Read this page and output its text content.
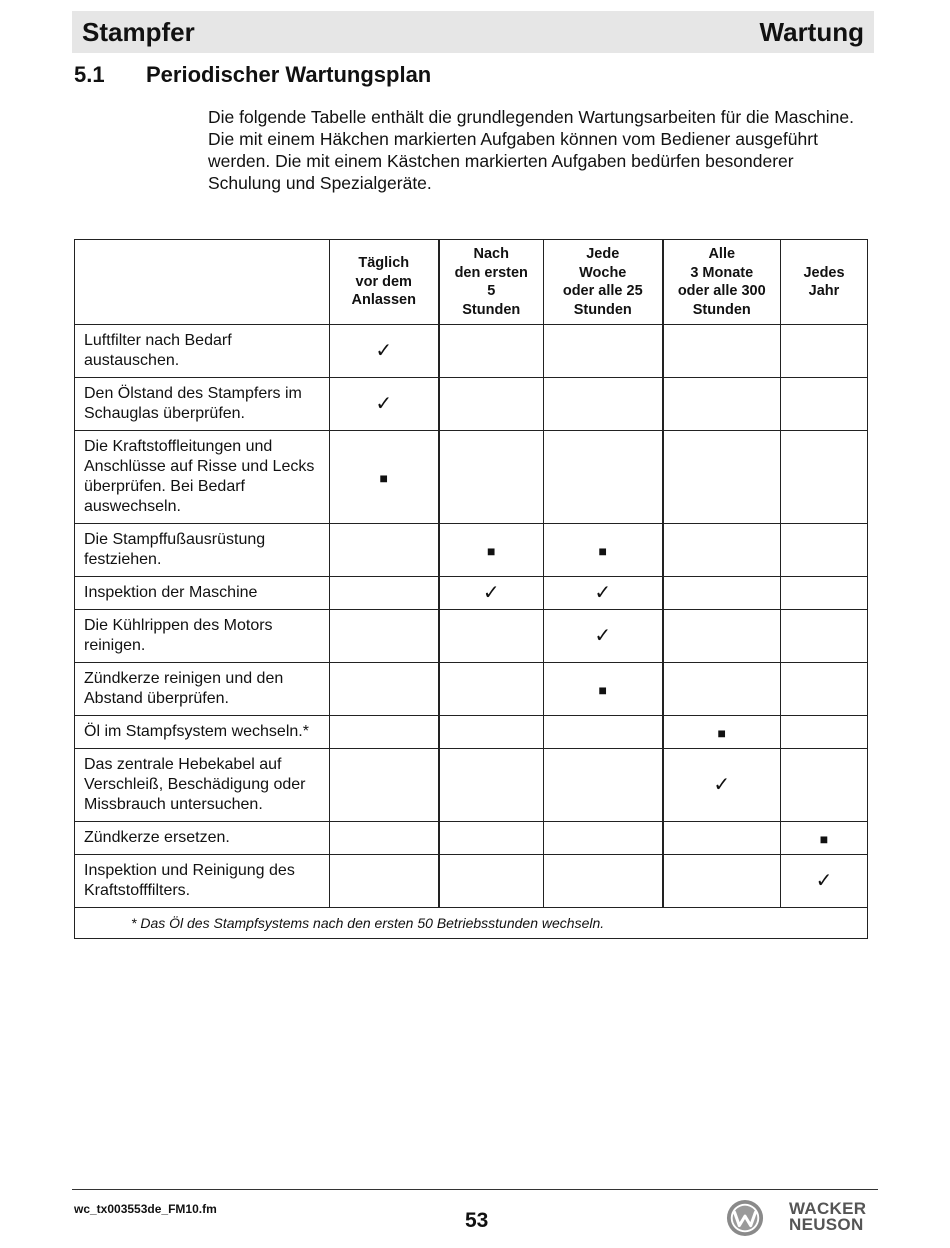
Stampfer	Wartung
5.1 Periodischer Wartungsplan

Die folgende Tabelle enthält die grundlegenden Wartungsarbeiten für die Maschine. Die mit einem Häkchen markierten Aufgaben können vom Bediener ausgeführt werden. Die mit einem Kästchen markierten Aufgaben bedürfen besonderer Schulung und Spezialgeräte.

	Täglich
vor dem
Anlassen	Nach
den ersten
5
Stunden	Jede
Woche
oder alle 25
Stunden	Alle
3 Monate
oder alle 300
Stunden	Jedes
Jahr
Luftfilter nach Bedarf austauschen.	✓				
Den Ölstand des Stampfers im Schauglas überprüfen.	✓				
Die Kraftstoffleitungen und Anschlüsse auf Risse und Lecks überprüfen. Bei Bedarf auswechseln.	■				
Die Stampffußausrüstung festziehen.		■	■		
Inspektion der Maschine		✓	✓		
Die Kühlrippen des Motors reinigen.			✓		
Zündkerze reinigen und den Abstand überprüfen.			■		
Öl im Stampfsystem wechseln.*				■	
Das zentrale Hebekabel auf Verschleiß, Beschädigung oder Missbrauch untersuchen.				✓	
Zündkerze ersetzen.					■
Inspektion und Reinigung des Kraftstofffilters.					✓
* Das Öl des Stampfsystems nach den ersten 50 Betriebsstunden wechseln.					
wc_tx003553de_FM10.fm	53
WACKER
NEUSON
